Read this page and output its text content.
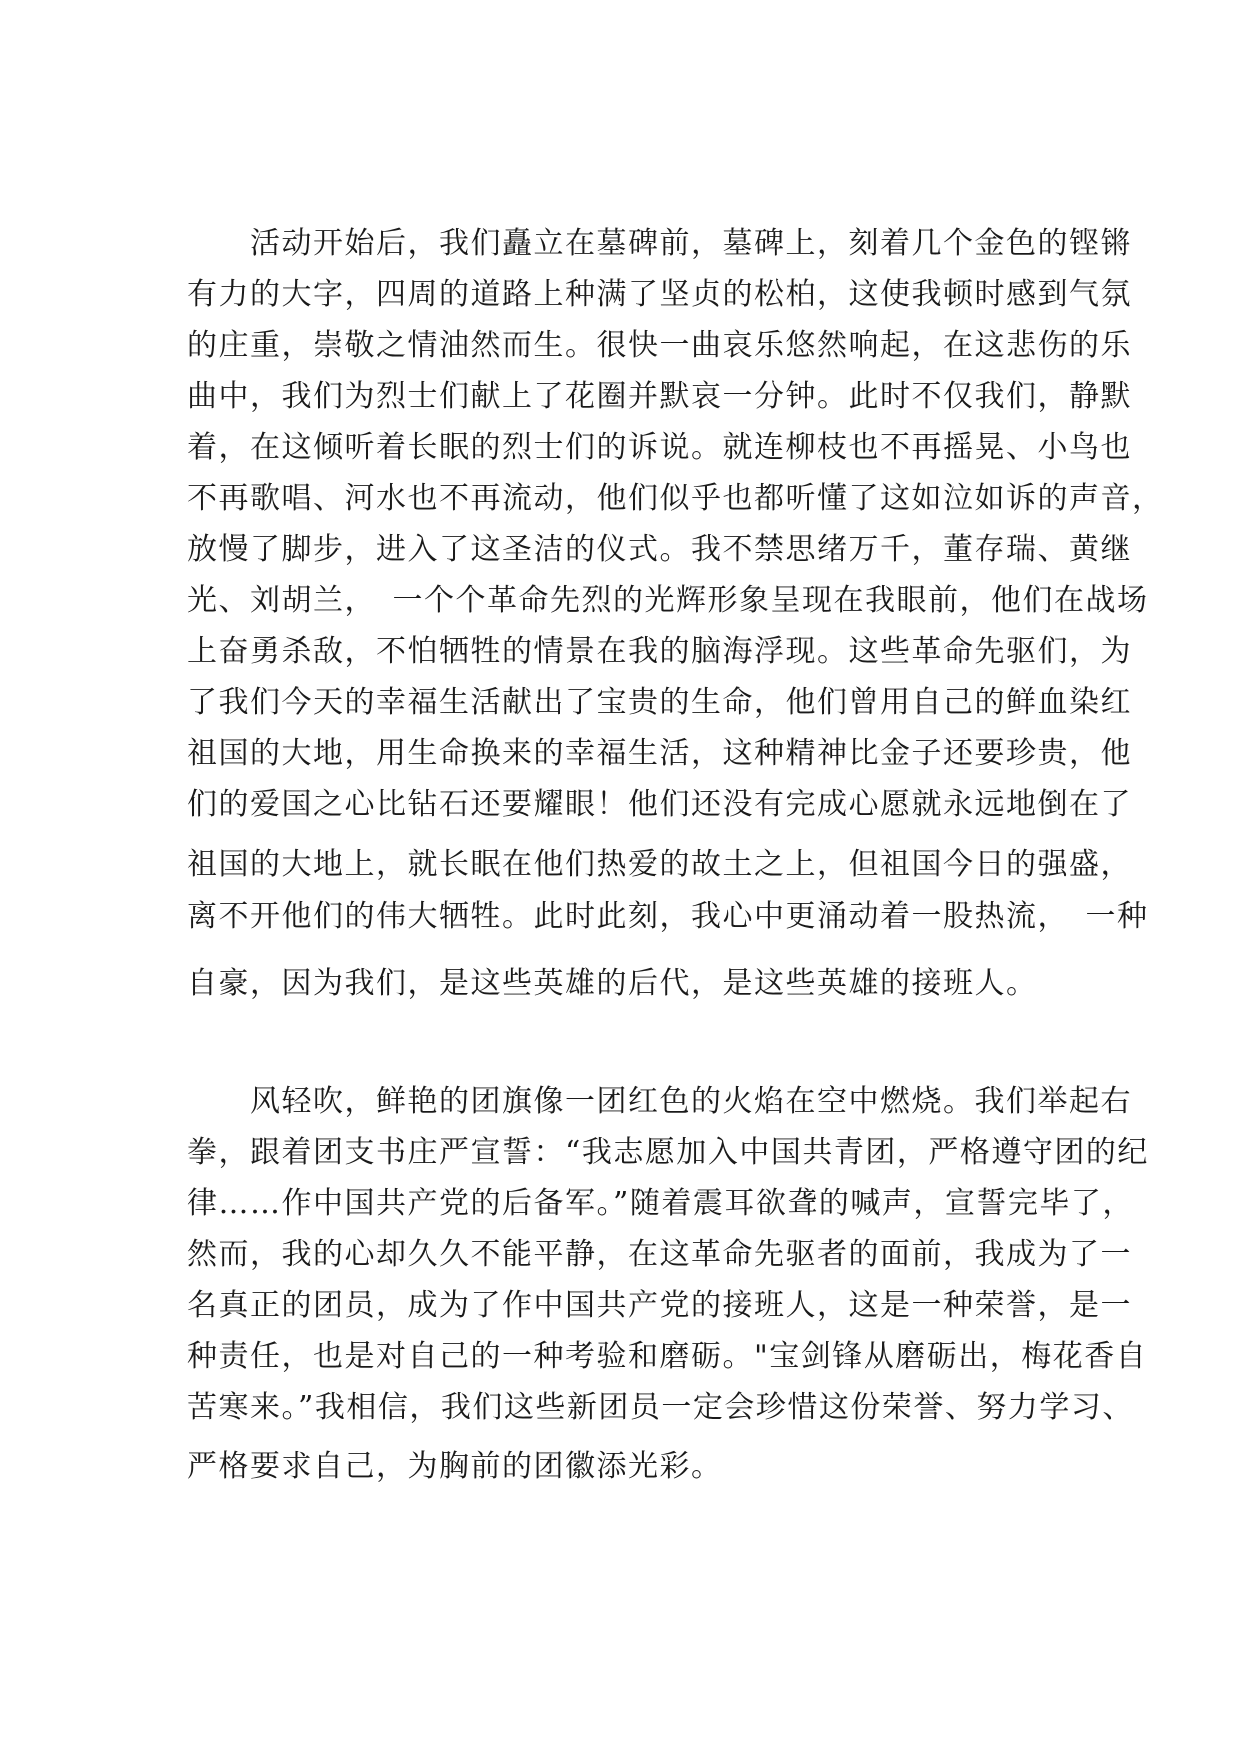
　　活动开始后，我们矗立在墓碑前，墓碑上，刻着几个金色的铿锵
有力的大字，四周的道路上种满了坚贞的松柏，这使我顿时感到气氛
的庄重，崇敬之情油然而生。很快一曲哀乐悠然响起，在这悲伤的乐
曲中，我们为烈士们献上了花圈并默哀一分钟。此时不仅我们，静默
着，在这倾听着长眠的烈士们的诉说。就连柳枝也不再摇晃、小鸟也
不再歌唱、河水也不再流动，他们似乎也都听懂了这如泣如诉的声音，
放慢了脚步，进入了这圣洁的仪式。我不禁思绪万千，董存瑞、黄继
光、刘胡兰，　一个个革命先烈的光辉形象呈现在我眼前，他们在战场
上奋勇杀敌，不怕牺牲的情景在我的脑海浮现。这些革命先驱们，为
了我们今天的幸福生活献出了宝贵的生命，他们曾用自己的鲜血染红
祖国的大地，用生命换来的幸福生活，这种精神比金子还要珍贵，他
们的爱国之心比钻石还要耀眼！他们还没有完成心愿就永远地倒在了
祖国的大地上，就长眠在他们热爱的故土之上，但祖国今日的强盛，
离不开他们的伟大牺牲。此时此刻，我心中更涌动着一股热流，　一种
自豪，因为我们，是这些英雄的后代，是这些英雄的接班人。
　　风轻吹，鲜艳的团旗像一团红色的火焰在空中燃烧。我们举起右
拳，跟着团支书庄严宣誓：“我志愿加入中国共青团，严格遵守团的纪
律……作中国共产党的后备军。”随着震耳欲聋的喊声，宣誓完毕了，
然而，我的心却久久不能平静，在这革命先驱者的面前，我成为了一
名真正的团员，成为了作中国共产党的接班人，这是一种荣誉，是一
种责任，也是对自己的一种考验和磨砺。"宝剑锋从磨砺出，梅花香自
苦寒来。”我相信，我们这些新团员一定会珍惜这份荣誉、努力学习、
严格要求自己，为胸前的团徽添光彩。
